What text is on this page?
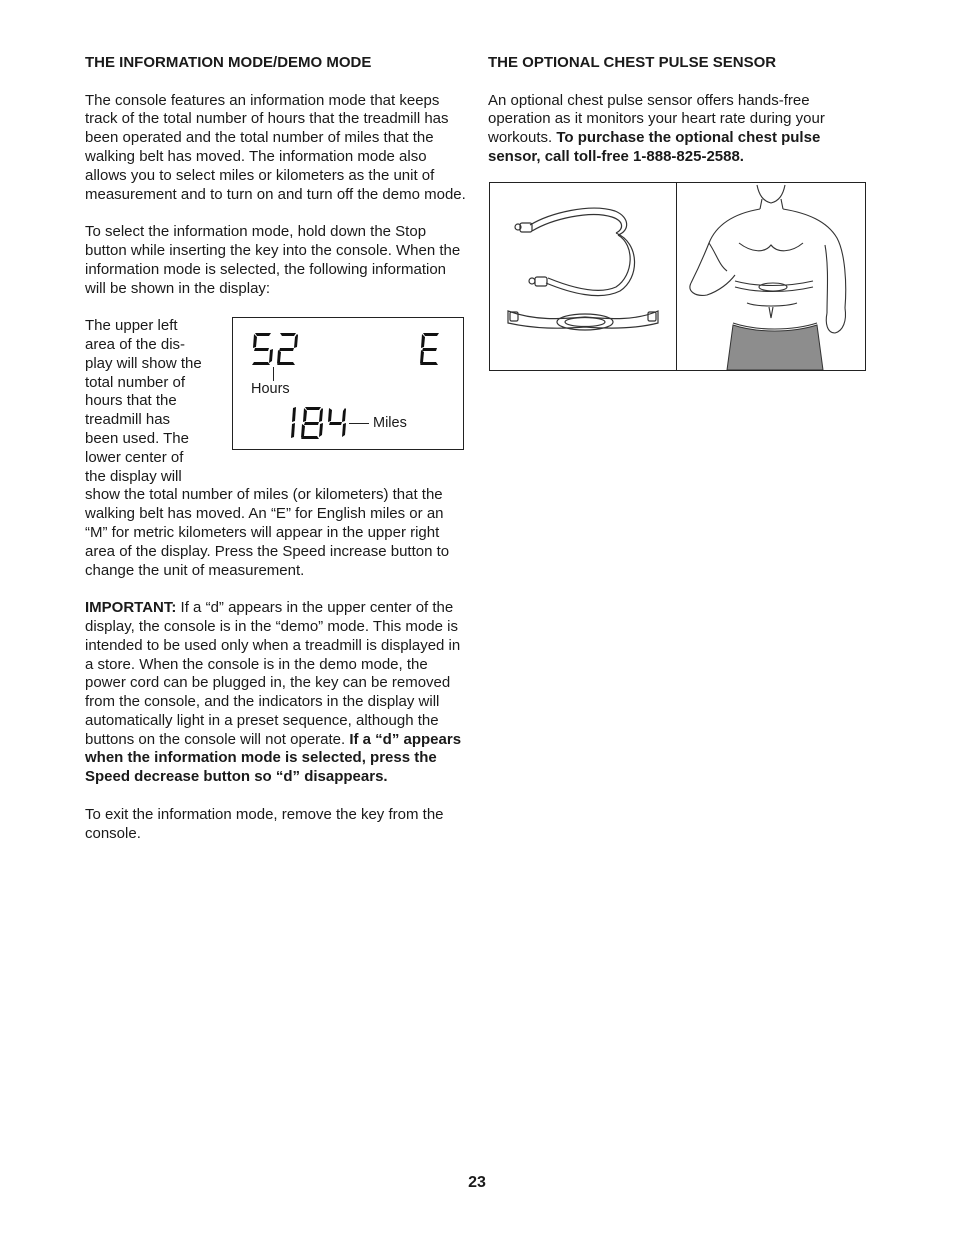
THE INFORMATION MODE/DEMO MODE

The console features an information mode that keeps track of the total number of hours that the treadmill has been operated and the total number of miles that the walking belt has moved. The information mode also allows you to select miles or kilometers as the unit of measurement and to turn on and turn off the demo mode.

To select the information mode, hold down the Stop button while inserting the key into the console. When the information mode is selected, the following information will be shown in the display:

The upper left
area of the dis-
play will show the
total number of
hours that the
treadmill has
been used. The
lower center of
the display will
Hours
Miles

show the total number of miles (or kilometers) that the walking belt has moved. An “E” for English miles or an “M” for metric kilometers will appear in the upper right area of the display. Press the Speed increase button to change the unit of measurement.

IMPORTANT: If a “d” appears in the upper center of the display, the console is in the “demo” mode. This mode is intended to be used only when a treadmill is displayed in a store. When the console is in the demo mode, the power cord can be plugged in, the key can be removed from the console, and the indicators in the display will automatically light in a preset sequence, although the buttons on the console will not operate. If a “d” appears when the information mode is selected, press the Speed decrease button so “d” disappears.

To exit the information mode, remove the key from the console.

THE OPTIONAL CHEST PULSE SENSOR

An optional chest pulse sensor offers hands-free operation as it monitors your heart rate during your workouts. To purchase the optional chest pulse sensor, call toll-free 1-888-825-2588.

23
